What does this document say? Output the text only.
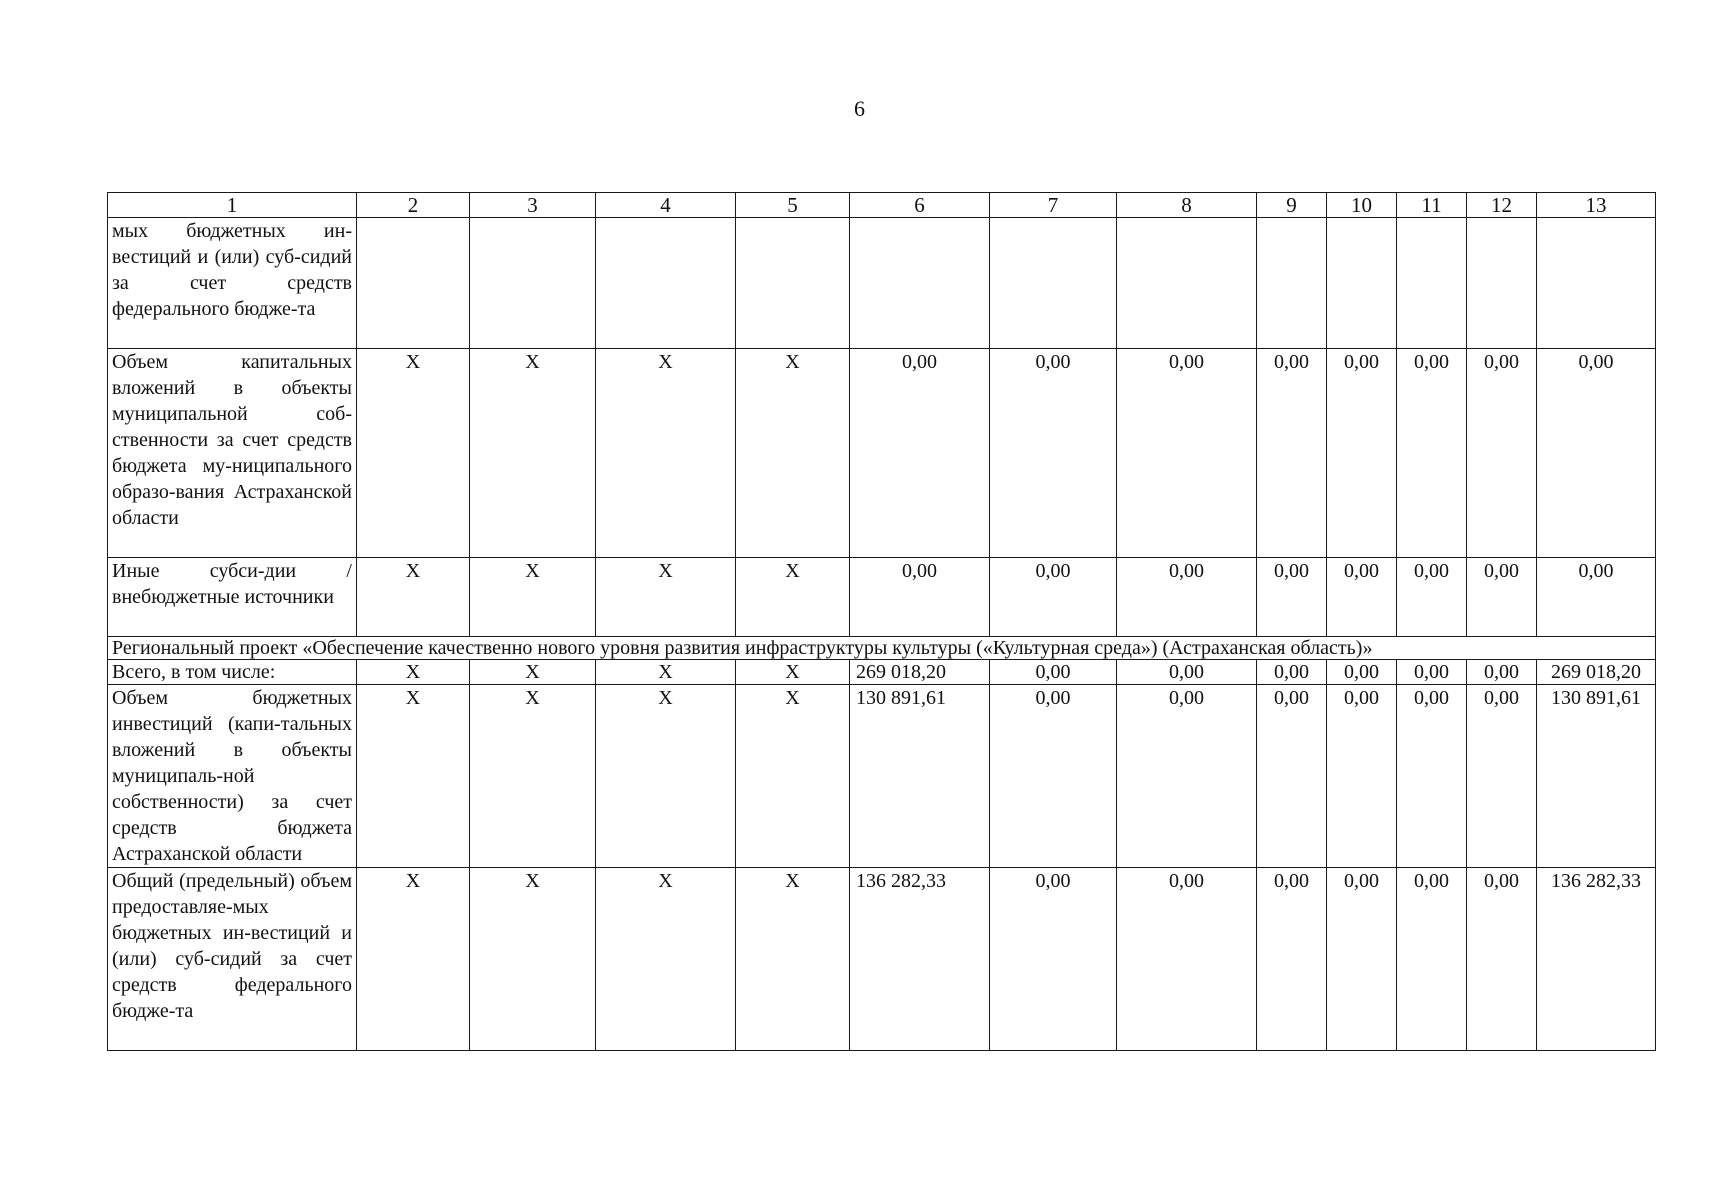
6
1	2	3	4	5	6	7	8	9	10	11	12	13
мых бюджетных ин-вестиций и (или) суб-сидий за счет средств федерального бюдже-та												
Объем капитальных вложений в объекты муниципальной соб-ственности за счет средств бюджета му-ниципального образо-вания Астраханской области	Х	Х	Х	Х	0,00	0,00	0,00	0,00	0,00	0,00	0,00	0,00
Иные субси-дии / внебюджетные источники	Х	Х	Х	Х	0,00	0,00	0,00	0,00	0,00	0,00	0,00	0,00
Региональный проект «Обеспечение качественно нового уровня развития инфраструктуры культуры («Культурная среда») (Астраханская область)»												
Всего, в том числе:	Х	Х	Х	Х	269 018,20	0,00	0,00	0,00	0,00	0,00	0,00	269 018,20
Объем бюджетных инвестиций (капи-тальных вложений в объекты муниципаль-ной собственности) за счет средств бюджета Астраханской области	Х	Х	Х	Х	130 891,61	0,00	0,00	0,00	0,00	0,00	0,00	130 891,61
Общий (предельный) объем предоставляе-мых бюджетных ин-вестиций и (или) суб-сидий за счет средств федерального бюдже-та	Х	Х	Х	Х	136 282,33	0,00	0,00	0,00	0,00	0,00	0,00	136 282,33
